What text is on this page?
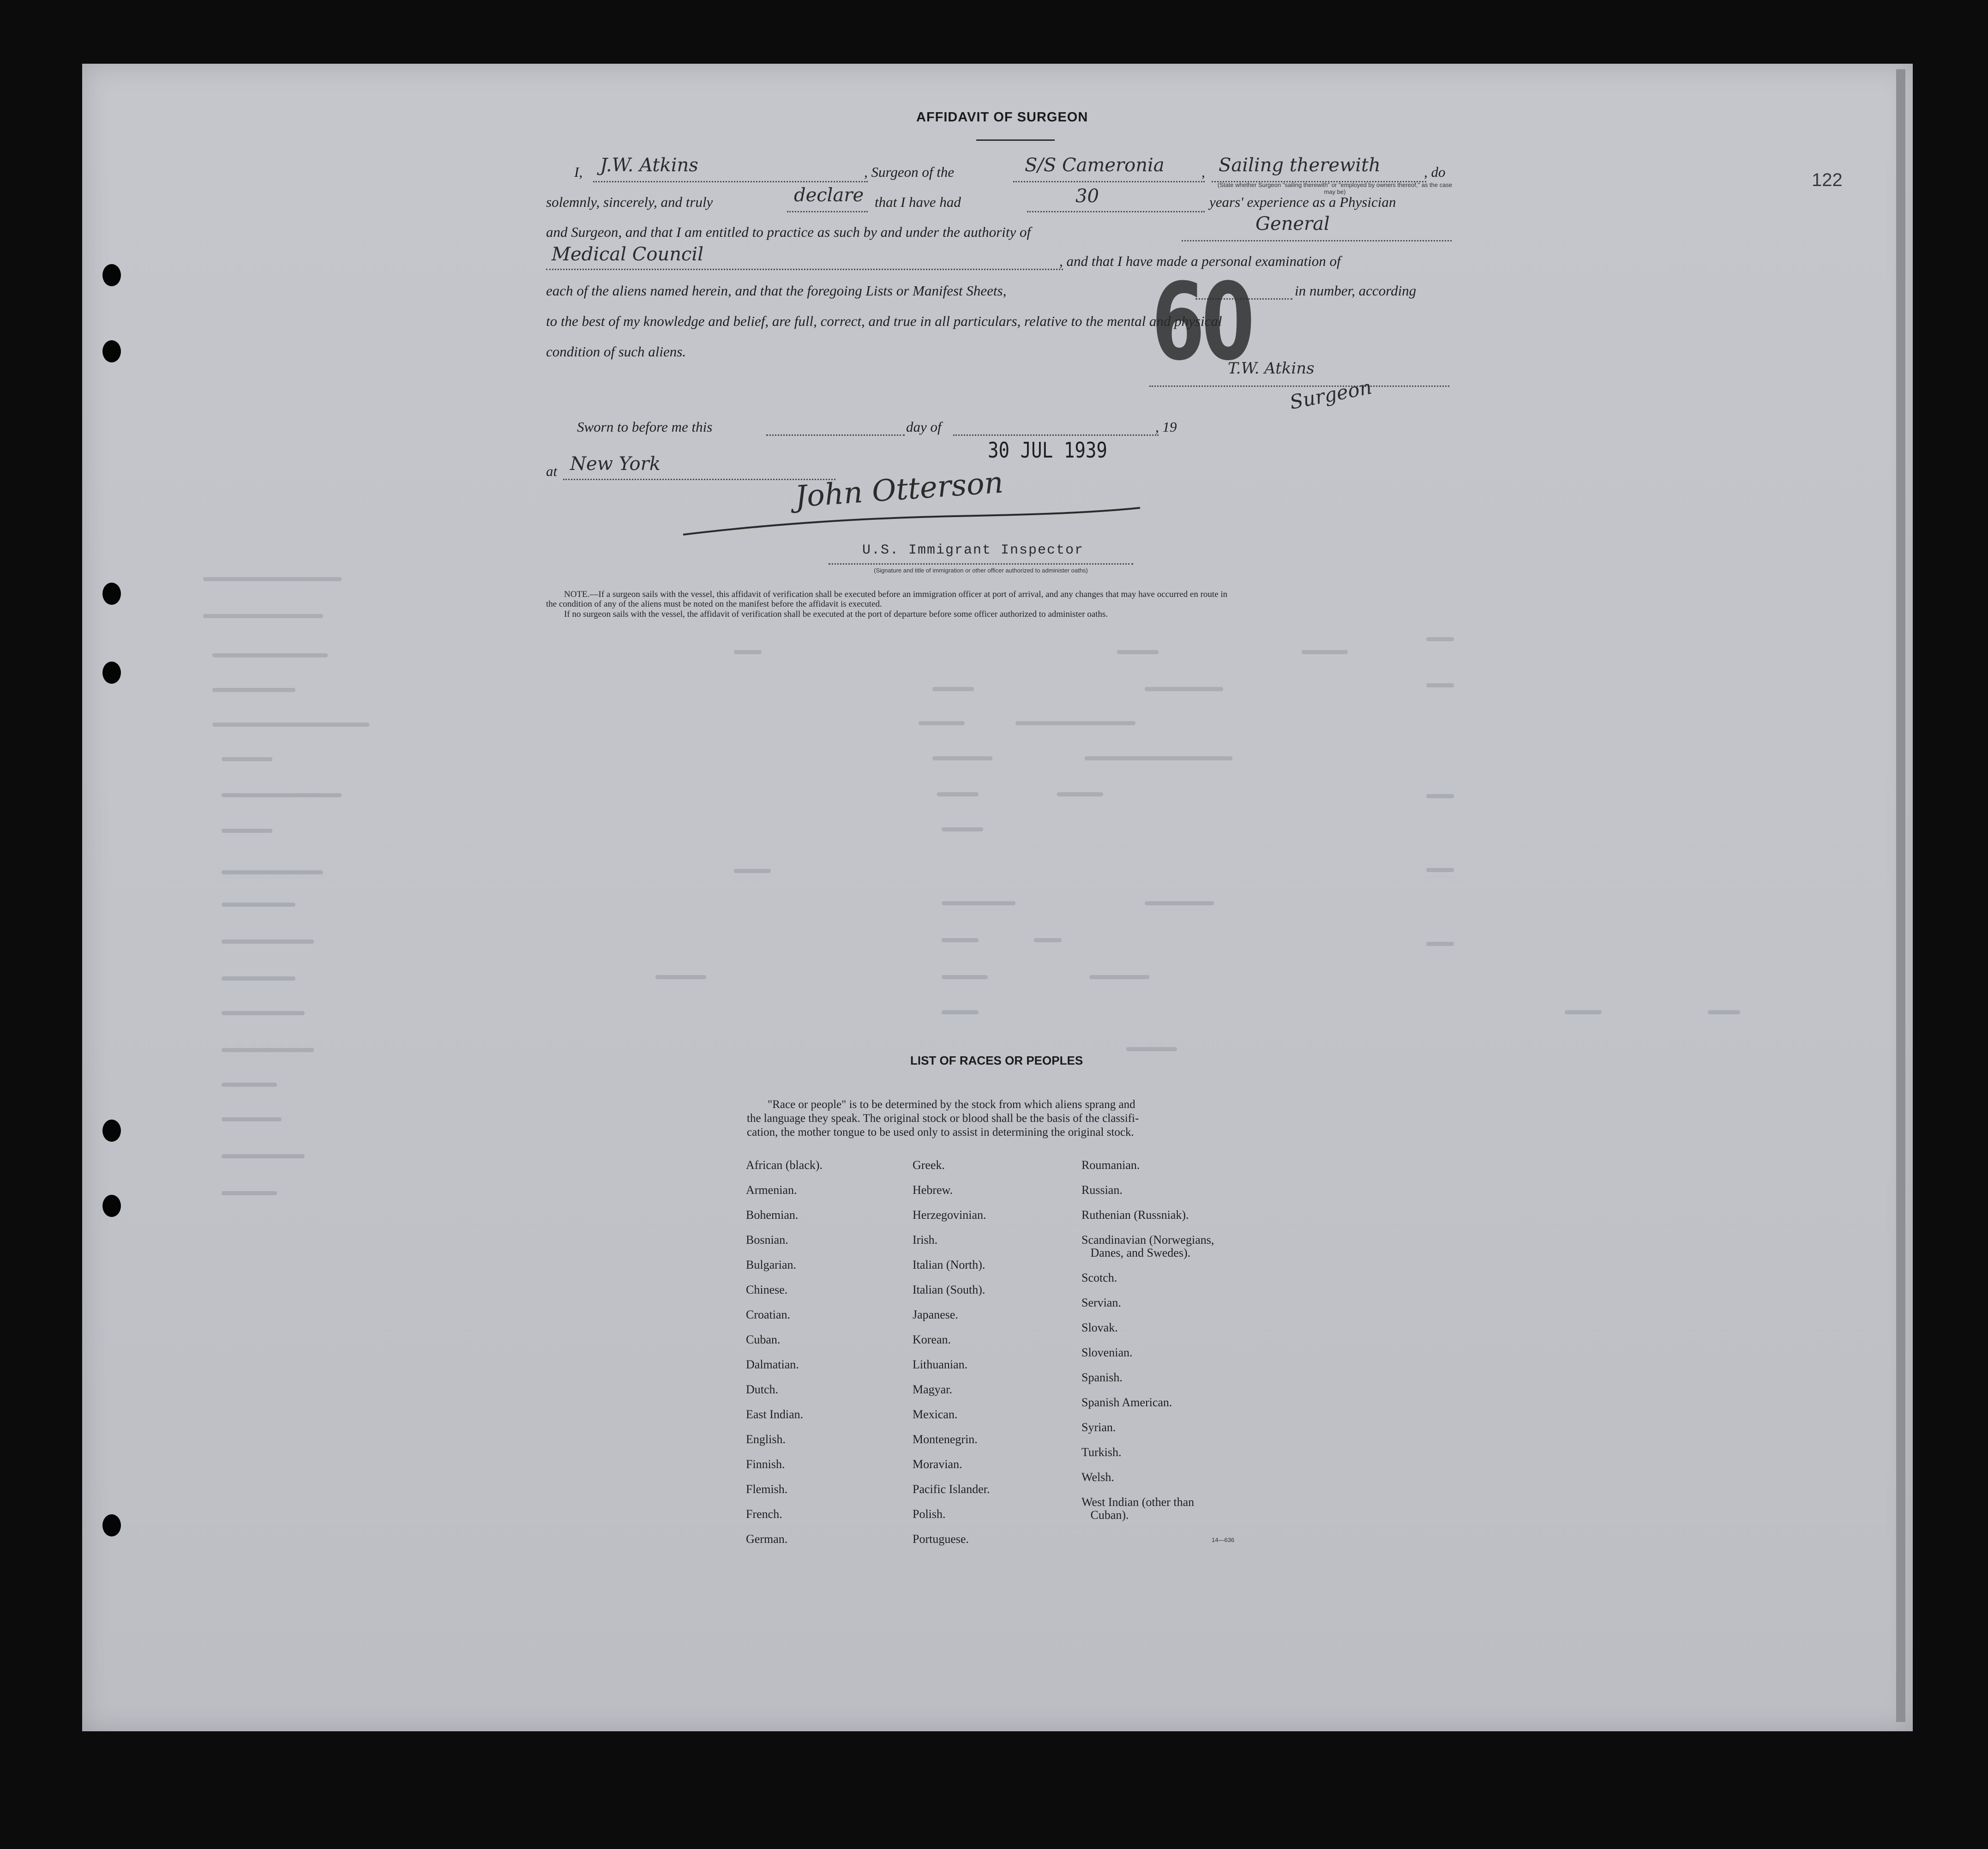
122
AFFIDAVIT OF SURGEON
I, J.W. Atkins	, Surgeon of the	S/S Cameronia	, Sailing therewith	, do
(State whether Surgeon "sailing therewith" or "employed by owners thereof," as the case may be)
solemnly, sincerely, and truly	declare that I have had	30	years' experience as a Physician
and Surgeon, and that I am entitled to practice as such by and under the authority of	General
Medical Council	, and that I have made a personal examination of
each of the aliens named herein, and that the foregoing Lists or Manifest Sheets,	in number, according
to the best of my knowledge and belief, are full, correct, and true in all particulars, relative to the mental and physical
condition of such aliens.	60
T.W. Atkins
Surgeon
Sworn to before me this	day of	, 19
30 JUL 1939
at New York
John Otterson
U.S. Immigrant Inspector
(Signature and title of immigration or other officer authorized to administer oaths)
NOTE.—If a surgeon sails with the vessel, this affidavit of verification shall be executed before an immigration officer at port of arrival, and any changes that may have occurred en route in
the condition of any of the aliens must be noted on the manifest before the affidavit is executed.
If no surgeon sails with the vessel, the affidavit of verification shall be executed at the port of departure before some officer authorized to administer oaths.
LIST OF RACES OR PEOPLES
"Race or people" is to be determined by the stock from which aliens sprang and
the language they speak. The original stock or blood shall be the basis of the classifi-
cation, the mother tongue to be used only to assist in determining the original stock.
African (black).
Armenian.
Bohemian.
Bosnian.
Bulgarian.
Chinese.
Croatian.
Cuban.
Dalmatian.
Dutch.
East Indian.
English.
Finnish.
Flemish.
French.
German.
Greek.
Hebrew.
Herzegovinian.
Irish.
Italian (North).
Italian (South).
Japanese.
Korean.
Lithuanian.
Magyar.
Mexican.
Montenegrin.
Moravian.
Pacific Islander.
Polish.
Portuguese.
Roumanian.
Russian.
Ruthenian (Russniak).
Scandinavian (Norwegians,
Danes, and Swedes).
Scotch.
Servian.
Slovak.
Slovenian.
Spanish.
Spanish American.
Syrian.
Turkish.
Welsh.
West Indian (other than
Cuban).
14—636
